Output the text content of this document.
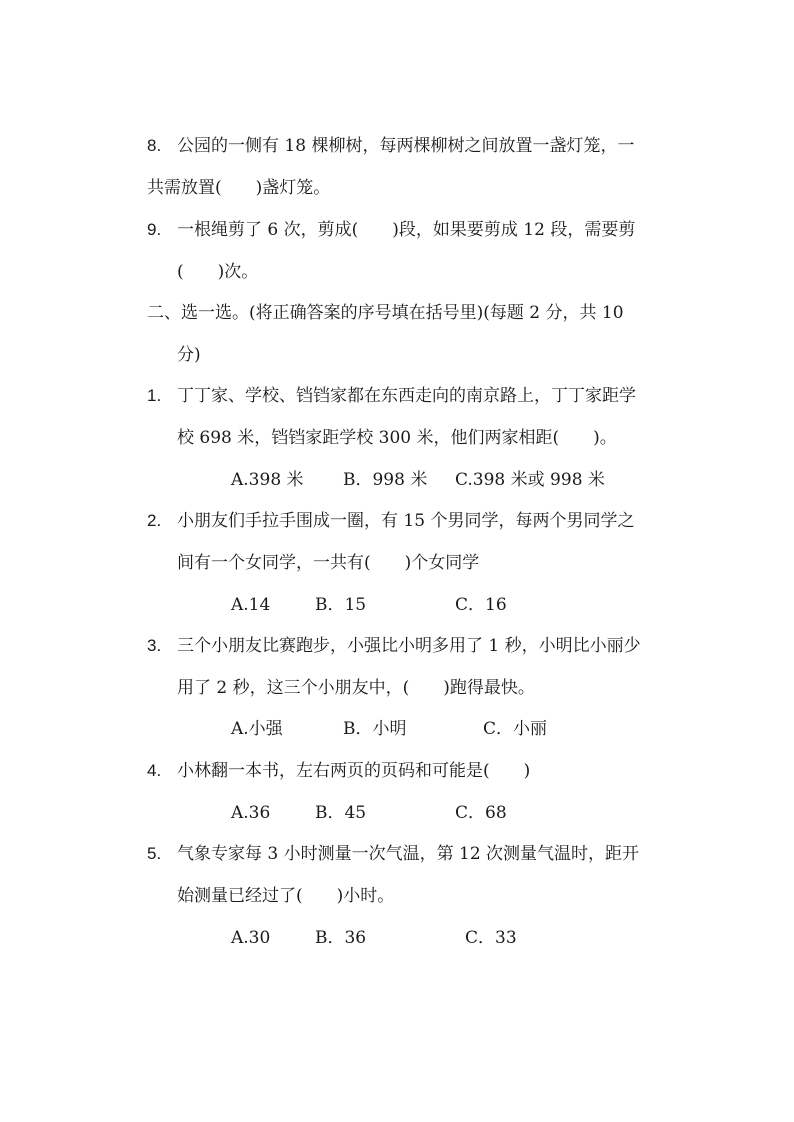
8. 公园的一侧有 18 棵柳树，每两棵柳树之间放置一盏灯笼，一
共需放置(　　)盏灯笼。
9. 一根绳剪了 6 次，剪成(　　)段，如果要剪成 12 段，需要剪
(　　)次。
二、选一选。(将正确答案的序号填在括号里)(每题 2 分，共 10
分)
1. 丁丁家、学校、铛铛家都在东西走向的南京路上，丁丁家距学
校 698 米，铛铛家距学校 300 米，他们两家相距(　　)。
A.398 米 B．998 米 C.398 米或 998 米
2. 小朋友们手拉手围成一圈，有 15 个男同学，每两个男同学之
间有一个女同学，一共有(　　)个女同学
A.14	B．15	C．16
3. 三个小朋友比赛跑步，小强比小明多用了 1 秒，小明比小丽少
用了 2 秒，这三个小朋友中，(　　)跑得最快。
A.小强	B．小明	C．小丽
4. 小林翻一本书，左右两页的页码和可能是(　　)
A.36	B．45	C．68
5. 气象专家每 3 小时测量一次气温，第 12 次测量气温时，距开
始测量已经过了(　　)小时。
A.30	B．36	C．33
